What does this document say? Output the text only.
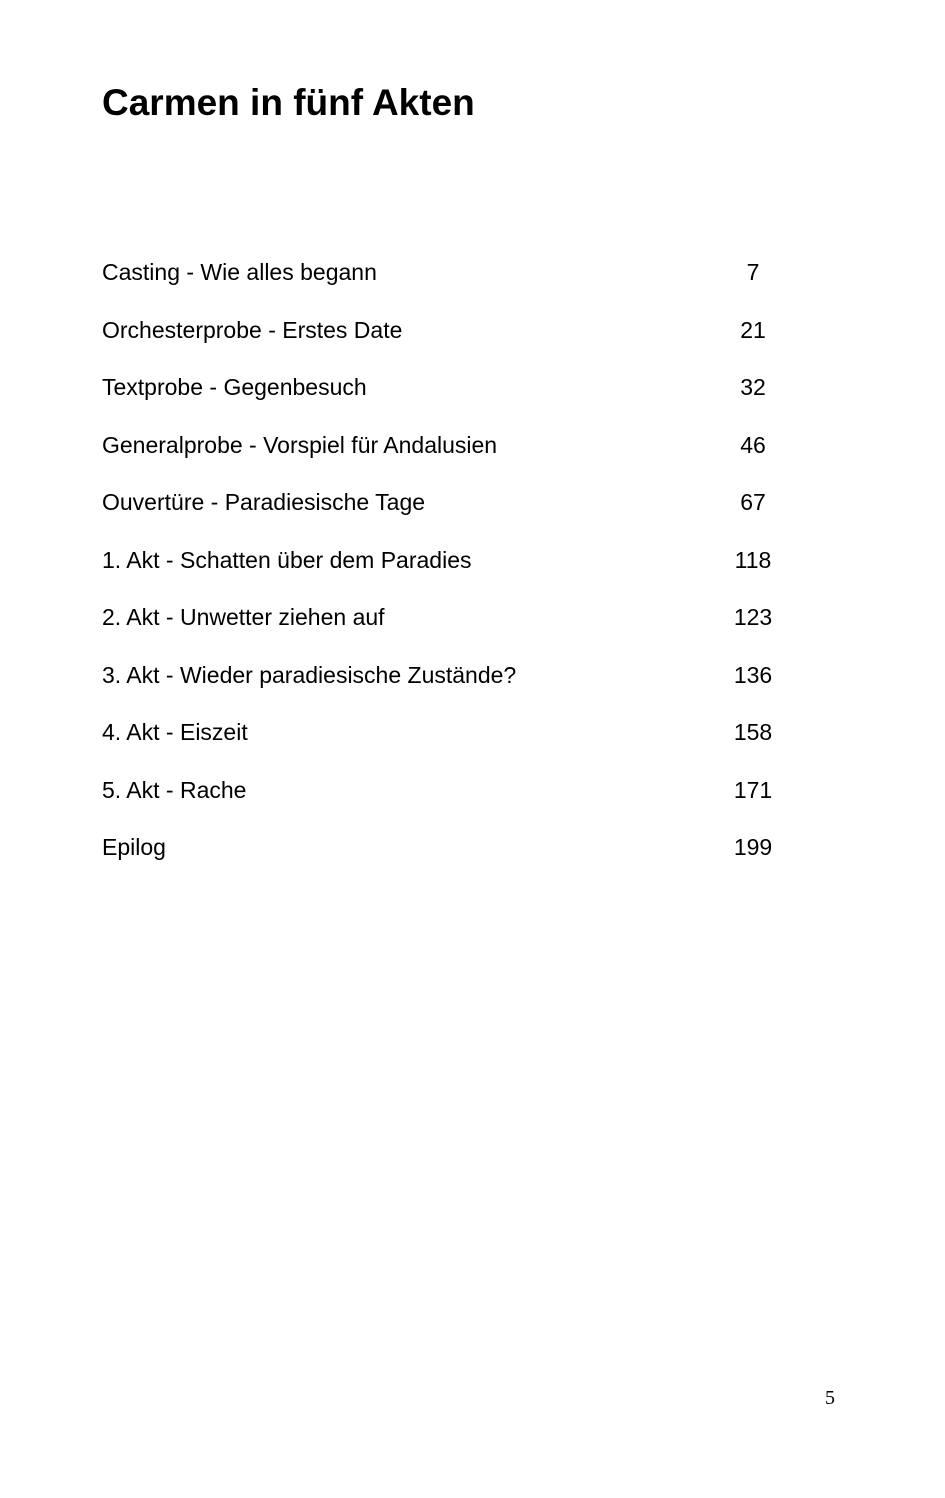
Carmen in fünf Akten
Casting - Wie alles begann	7
Orchesterprobe - Erstes Date	21
Textprobe - Gegenbesuch	32
Generalprobe - Vorspiel für Andalusien	46
Ouvertüre - Paradiesische Tage	67
1. Akt - Schatten über dem Paradies	118
2. Akt - Unwetter ziehen auf	123
3. Akt - Wieder paradiesische Zustände?	136
4. Akt - Eiszeit	158
5. Akt - Rache	171
Epilog	199
5
